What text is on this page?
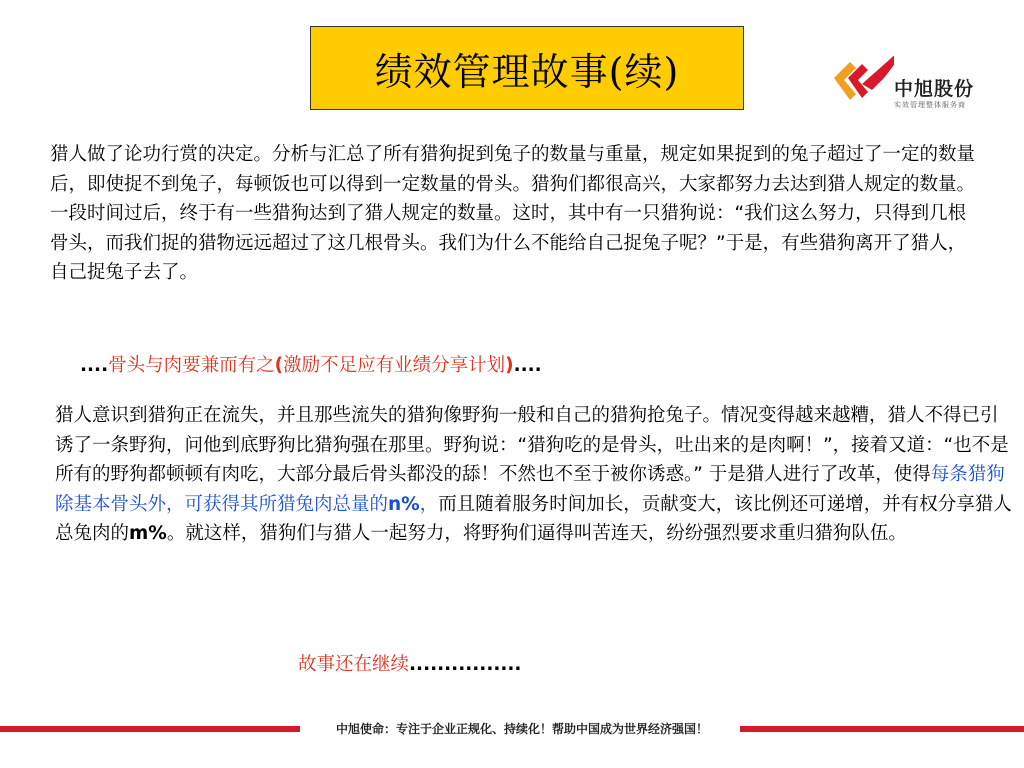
绩效管理故事(续)	中旭股份
实效管理整体服务商

猎人做了论功行赏的决定。分析与汇总了所有猎狗捉到兔子的数量与重量，规定如果捉到的兔子超过了一定的数量后，即使捉不到兔子，每顿饭也可以得到一定数量的骨头。猎狗们都很高兴，大家都努力去达到猎人规定的数量。一段时间过后，终于有一些猎狗达到了猎人规定的数量。这时，其中有一只猎狗说：“我们这么努力，只得到几根骨头，而我们捉的猎物远远超过了这几根骨头。我们为什么不能给自己捉兔子呢？”于是，有些猎狗离开了猎人，自己捉兔子去了。

....骨头与肉要兼而有之(激励不足应有业绩分享计划)....

猎人意识到猎狗正在流失，并且那些流失的猎狗像野狗一般和自己的猎狗抢兔子。情况变得越来越糟，猎人不得已引诱了一条野狗，问他到底野狗比猎狗强在那里。野狗说：“猎狗吃的是骨头，吐出来的是肉啊！”，接着又道：“也不是所有的野狗都顿顿有肉吃，大部分最后骨头都没的舔！不然也不至于被你诱惑。” 于是猎人进行了改革，使得每条猎狗除基本骨头外，可获得其所猎兔肉总量的n%，而且随着服务时间加长，贡献变大，该比例还可递增，并有权分享猎人总兔肉的m%。就这样，猎狗们与猎人一起努力，将野狗们逼得叫苦连天，纷纷强烈要求重归猎狗队伍。

故事还在继续................
中旭使命：专注于企业正规化、持续化！帮助中国成为世界经济强国！
